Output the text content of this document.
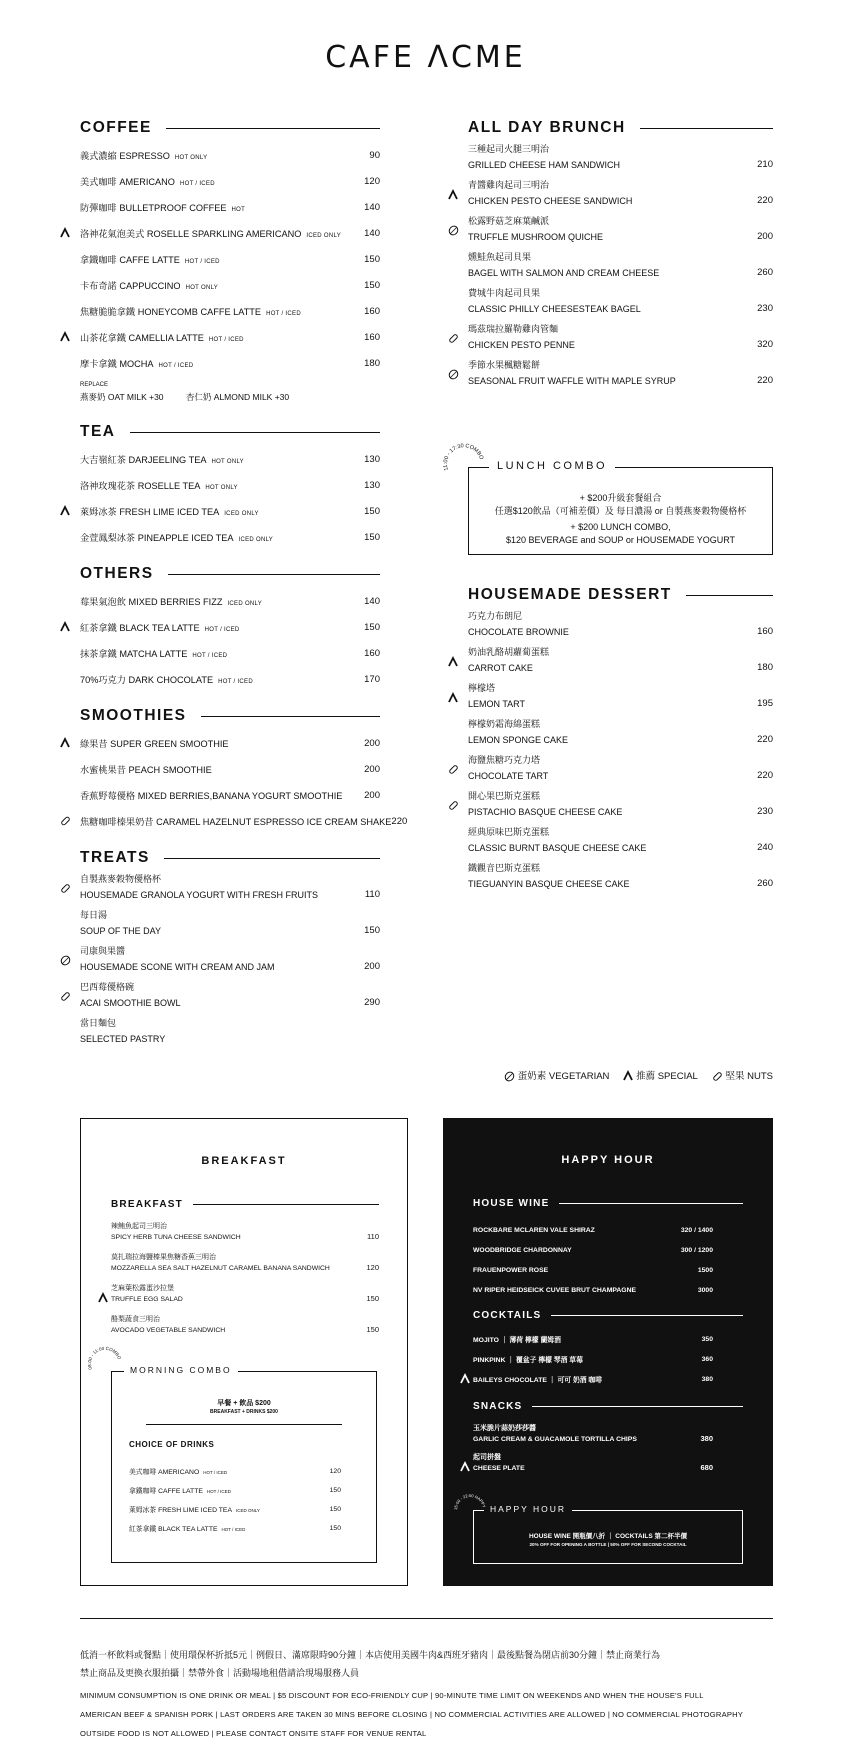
CAFE ΛCME
COFFEE
義式濃縮 ESPRESSO HOT ONLY	90
美式咖啡 AMERICANO HOT / ICED	120
防彈咖啡 BULLETPROOF COFFEE HOT	140
洛神花氣泡美式 ROSELLE SPARKLING AMERICANO ICED ONLY	140
拿鐵咖啡 CAFFE LATTE HOT / ICED	150
卡布奇諾 CAPPUCCINO HOT ONLY	150
焦糖脆脆拿鐵 HONEYCOMB CAFFE LATTE HOT / ICED	160
山茶花拿鐵 CAMELLIA LATTE HOT / ICED	160
摩卡拿鐵 MOCHA HOT / ICED	180
REPLACE
燕麥奶 OAT MILK +30	杏仁奶 ALMOND MILK +30
TEA
大吉嶺紅茶 DARJEELING TEA HOT ONLY	130
洛神玫瑰花茶 ROSELLE TEA HOT ONLY	130
萊姆冰茶 FRESH LIME ICED TEA ICED ONLY	150
金萱鳳梨冰茶 PINEAPPLE ICED TEA ICED ONLY	150
OTHERS
莓果氣泡飲 MIXED BERRIES FIZZ ICED ONLY	140
紅茶拿鐵 BLACK TEA LATTE HOT / ICED	150
抹茶拿鐵 MATCHA LATTE HOT / ICED	160
70%巧克力 DARK CHOCOLATE HOT / ICED	170
SMOOTHIES
綠果昔 SUPER GREEN SMOOTHIE	200
水蜜桃果昔 PEACH SMOOTHIE	200
香蕉野莓優格 MIXED BERRIES,BANANA YOGURT SMOOTHIE	200
焦糖咖啡榛果奶昔 CARAMEL HAZELNUT ESPRESSO ICE CREAM SHAKE 220
TREATS
自製燕麥穀物優格杯
HOUSEMADE GRANOLA YOGURT WITH FRESH FRUITS	110
每日湯
SOUP OF THE DAY	150
司康與果醬
HOUSEMADE SCONE WITH CREAM AND JAM	200
巴西莓優格碗
ACAI SMOOTHIE BOWL	290
當日麵包
SELECTED PASTRY
ALL DAY BRUNCH
三種起司火腿三明治
GRILLED CHEESE HAM SANDWICH	210
青醬雞肉起司三明治
CHICKEN PESTO CHEESE SANDWICH	220
松露野菇芝麻葉鹹派
TRUFFLE MUSHROOM QUICHE	200
燻鮭魚起司貝果
BAGEL WITH SALMON AND CREAM CHEESE	260
費城牛肉起司貝果
CLASSIC PHILLY CHEESESTEAK BAGEL	230
瑪茲瑞拉羅勒雞肉管麵
CHICKEN PESTO PENNE	320
季節水果楓糖鬆餅
SEASONAL FRUIT WAFFLE WITH MAPLE SYRUP	220
LUNCH COMBO
+ $200升級套餐組合
任選$120飲品（可補差價）及 每日濃湯 or 自製燕麥穀物優格杯
+ $200 LUNCH COMBO,
$120 BEVERAGE and SOUP or HOUSEMADE YOGURT
11:00 - 17:30 COMBO
HOUSEMADE DESSERT
巧克力布朗尼
CHOCOLATE BROWNIE	160
奶油乳酪胡蘿蔔蛋糕
CARROT CAKE	180
檸檬塔
LEMON TART	195
檸檬奶霜海綿蛋糕
LEMON SPONGE CAKE	220
海鹽焦糖巧克力塔
CHOCOLATE TART	220
開心果巴斯克蛋糕
PISTACHIO BASQUE CHEESE CAKE	230
經典原味巴斯克蛋糕
CLASSIC BURNT BASQUE CHEESE CAKE	240
鐵觀音巴斯克蛋糕
TIEGUANYIN BASQUE CHEESE CAKE	260
蛋奶素 VEGETARIAN	推薦 SPECIAL	堅果 NUTS
BREAKFAST
BREAKFAST
辣鮪魚起司三明治
SPICY HERB TUNA CHEESE SANDWICH	110
莫扎瑞拉海鹽榛果焦糖香蕉三明治
MOZZARELLA SEA SALT HAZELNUT CARAMEL BANANA SANDWICH	120
芝麻葉松露蛋沙拉堡
TRUFFLE EGG SALAD	150
酪梨蔬食三明治
AVOCADO VEGETABLE SANDWICH	150
MORNING COMBO
早餐 + 飲品 $200
BREAKFAST + DRINKS $200
CHOICE OF DRINKS
美式咖啡 AMERICANO HOT / ICED	120
拿鐵咖啡 CAFFE LATTE HOT / ICED	150
萊姆冰茶 FRESH LIME ICED TEA ICED ONLY	150
紅茶拿鐵 BLACK TEA LATTE HOT / ICED	150
08:00 - 11:00 COMBO
HAPPY HOUR
HOUSE WINE
ROCKBARE MCLAREN VALE SHIRAZ	320 / 1400
WOODBRIDGE CHARDONNAY	300 / 1200
FRAUENPOWER ROSE	1500
NV RIPER HEIDSEICK CUVEE BRUT CHAMPAGNE	3000
COCKTAILS
MOJITO ｜ 薄荷 檸檬 蘭姆酒	350
PINKPINK ｜ 覆盆子 檸檬 琴酒 草莓	360
BAILEYS CHOCOLATE ｜ 可可 奶酒 咖啡	380
SNACKS
玉米脆片蒜奶莎莎醬
GARLIC CREAM & GUACAMOLE TORTILLA CHIPS	380
起司拼盤
CHEESE PLATE	680
HAPPY HOUR
HOUSE WINE 開瓶價八折 ｜ COCKTAILS 第二杯半價
20% OFF FOR OPENING A BOTTLE | 50% OFF FOR SECOND COCKTAIL
15:00 - 22:00 HAPPY
低消一杯飲料或餐點｜使用環保杯折抵5元｜例假日、滿席限時90分鐘｜本店使用美國牛肉&西班牙豬肉｜最後點餐為閉店前30分鐘｜禁止商業行為
禁止商品及更換衣服拍攝｜禁帶外食｜活動場地租借請洽現場服務人員
MINIMUM CONSUMPTION IS ONE DRINK OR MEAL | $5 DISCOUNT FOR ECO-FRIENDLY CUP | 90-MINUTE TIME LIMIT ON WEEKENDS AND WHEN THE HOUSE'S FULL
AMERICAN BEEF & SPANISH PORK | LAST ORDERS ARE TAKEN 30 MINS BEFORE CLOSING | NO COMMERCIAL ACTIVITIES ARE ALLOWED | NO COMMERCIAL PHOTOGRAPHY
OUTSIDE FOOD IS NOT ALLOWED | PLEASE CONTACT ONSITE STAFF FOR VENUE RENTAL
